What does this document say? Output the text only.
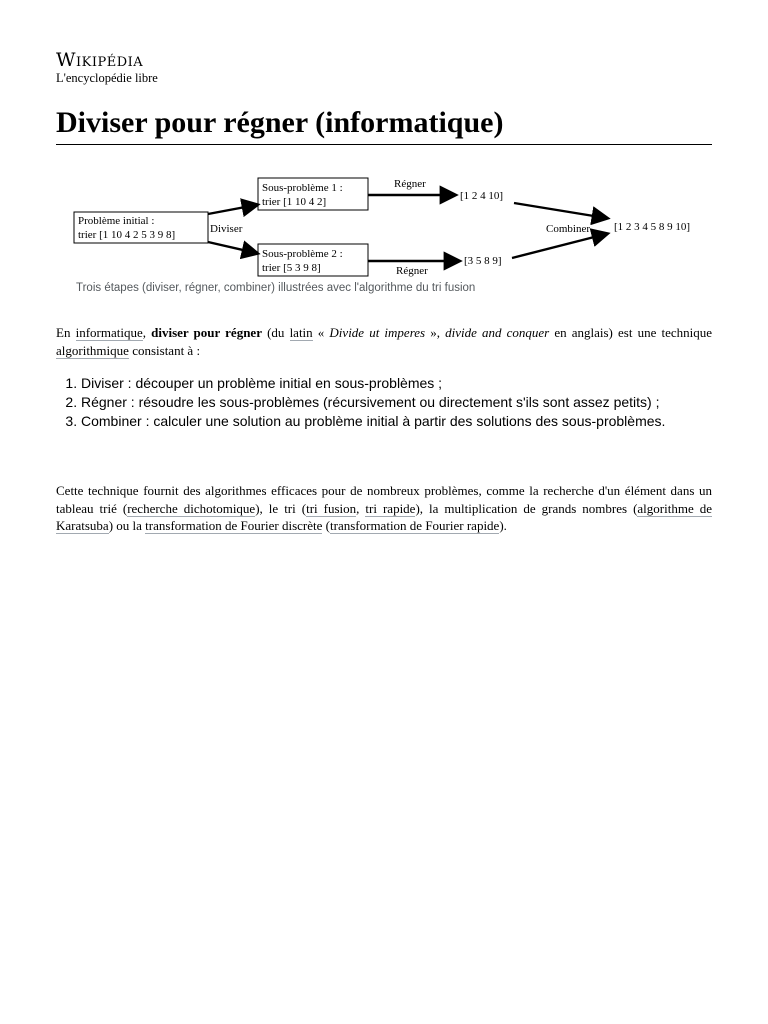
Wikipédia
L'encyclopédie libre
Diviser pour régner (informatique)
Problème initial :
trier [1 10 4 2 5 3 9 8]
Sous-problème 1 :
trier [1 10 4 2]
Sous-problème 2 :
trier [5 3 9 8]
Diviser
Régner
Régner
[1 2 4 10]
[3 5 8 9]
Combiner [1 2 3 4 5 8 9 10]
Trois étapes (diviser, régner, combiner) illustrées avec l'algorithme du tri fusion

En informatique, diviser pour régner (du latin « Divide ut imperes », divide and conquer en anglais) est une technique algorithmique consistant à :

1. Diviser : découper un problème initial en sous-problèmes ;
2. Régner : résoudre les sous-problèmes (récursivement ou directement s'ils sont assez petits) ;
3. Combiner : calculer une solution au problème initial à partir des solutions des sous-problèmes.

Cette technique fournit des algorithmes efficaces pour de nombreux problèmes, comme la recherche d'un élément dans un tableau trié (recherche dichotomique), le tri (tri fusion, tri rapide), la multiplication de grands nombres (algorithme de Karatsuba) ou la transformation de Fourier discrète (transformation de Fourier rapide).
